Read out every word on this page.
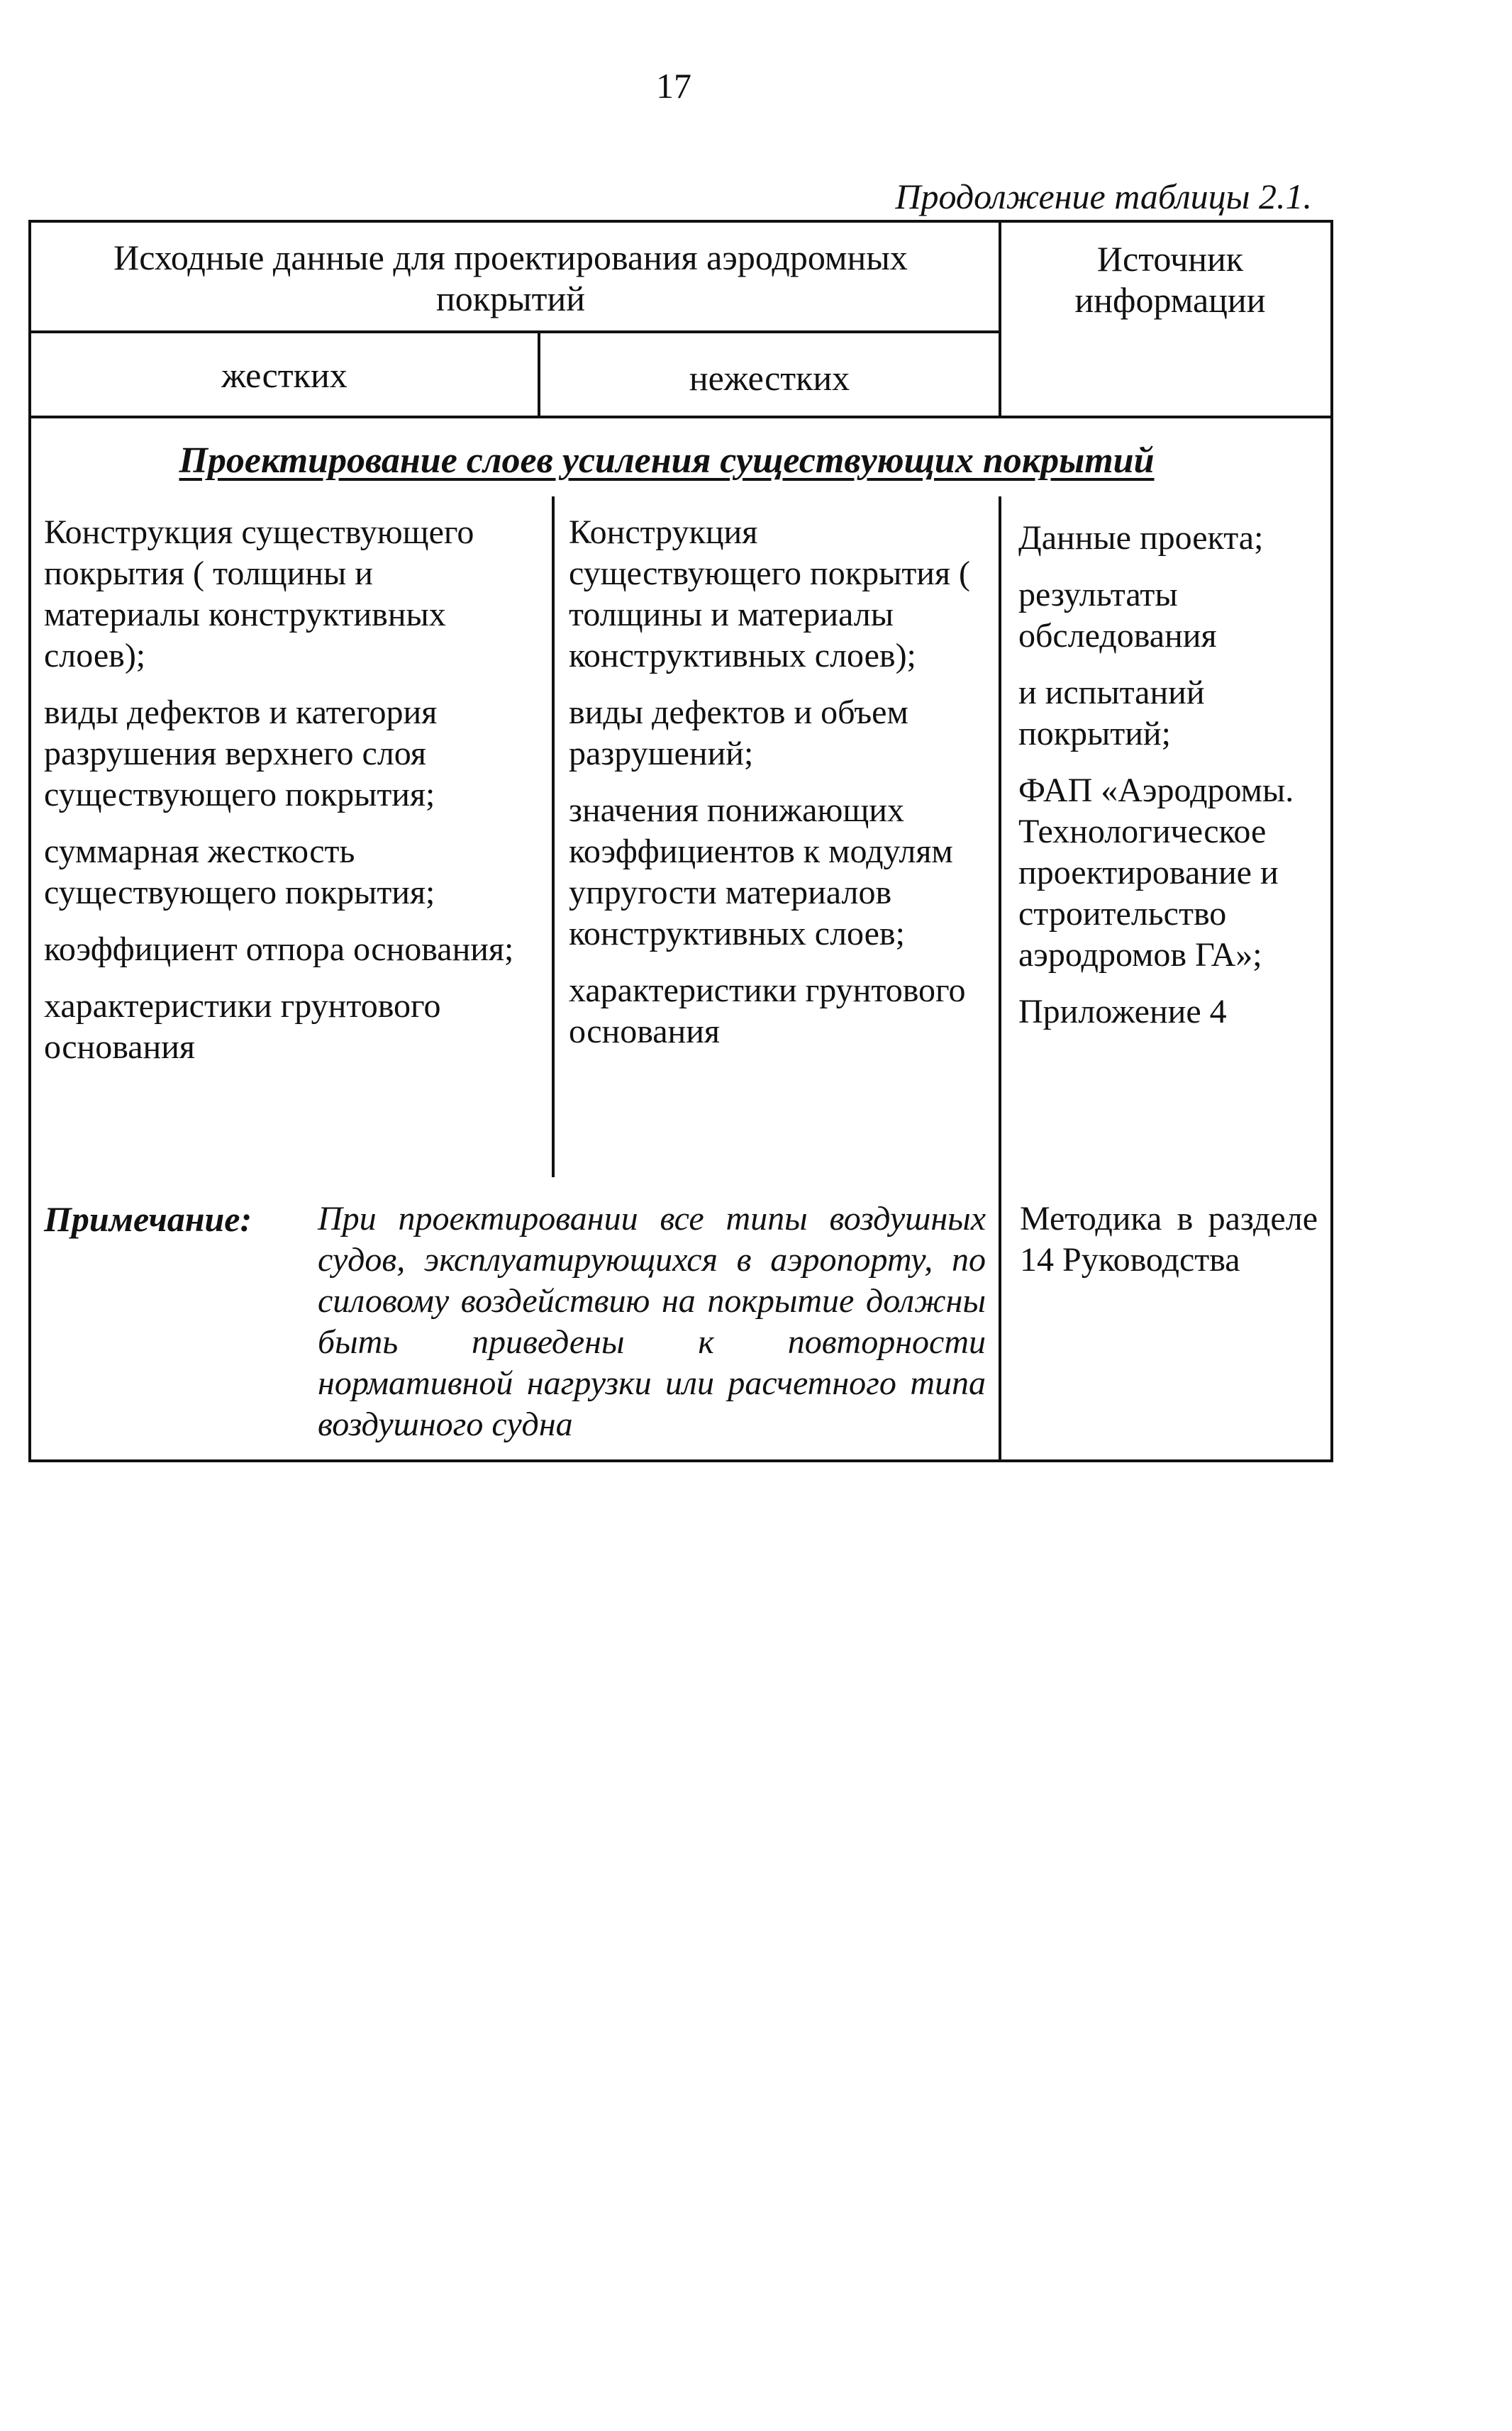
17
Продолжение таблицы 2.1.
Исходные данные для проектирования аэродромных покрытий
жестких	нежестких
Источник информации
Проектирование слоев усиления существующих покрытий
Конструкция существующего покрытия ( толщины и материалы конструктивных слоев);
виды дефектов и категория разрушения верхнего слоя существующего покрытия;
суммарная жесткость существующего покрытия;
коэффициент отпора основания;
характеристики грунтового основания
Конструкция существующего покрытия ( толщины и материалы конструктивных слоев);
виды дефектов и объем разрушений;
значения понижающих коэффициентов к модулям упругости материалов конструктивных слоев;
характеристики грунтового основания
Данные проекта;
результаты обследования
и испытаний покрытий;
ФАП «Аэродромы. Технологическое проектирование и строительство аэродромов ГА»;
Приложение 4
Примечание: При проектировании все типы воздушных судов, эксплуатирующихся в аэропорту, по силовому воздействию на покрытие должны быть приведены к повторности нормативной нагрузки или расчетного типа воздушного судна
Методика в разделе 14 Руководства
